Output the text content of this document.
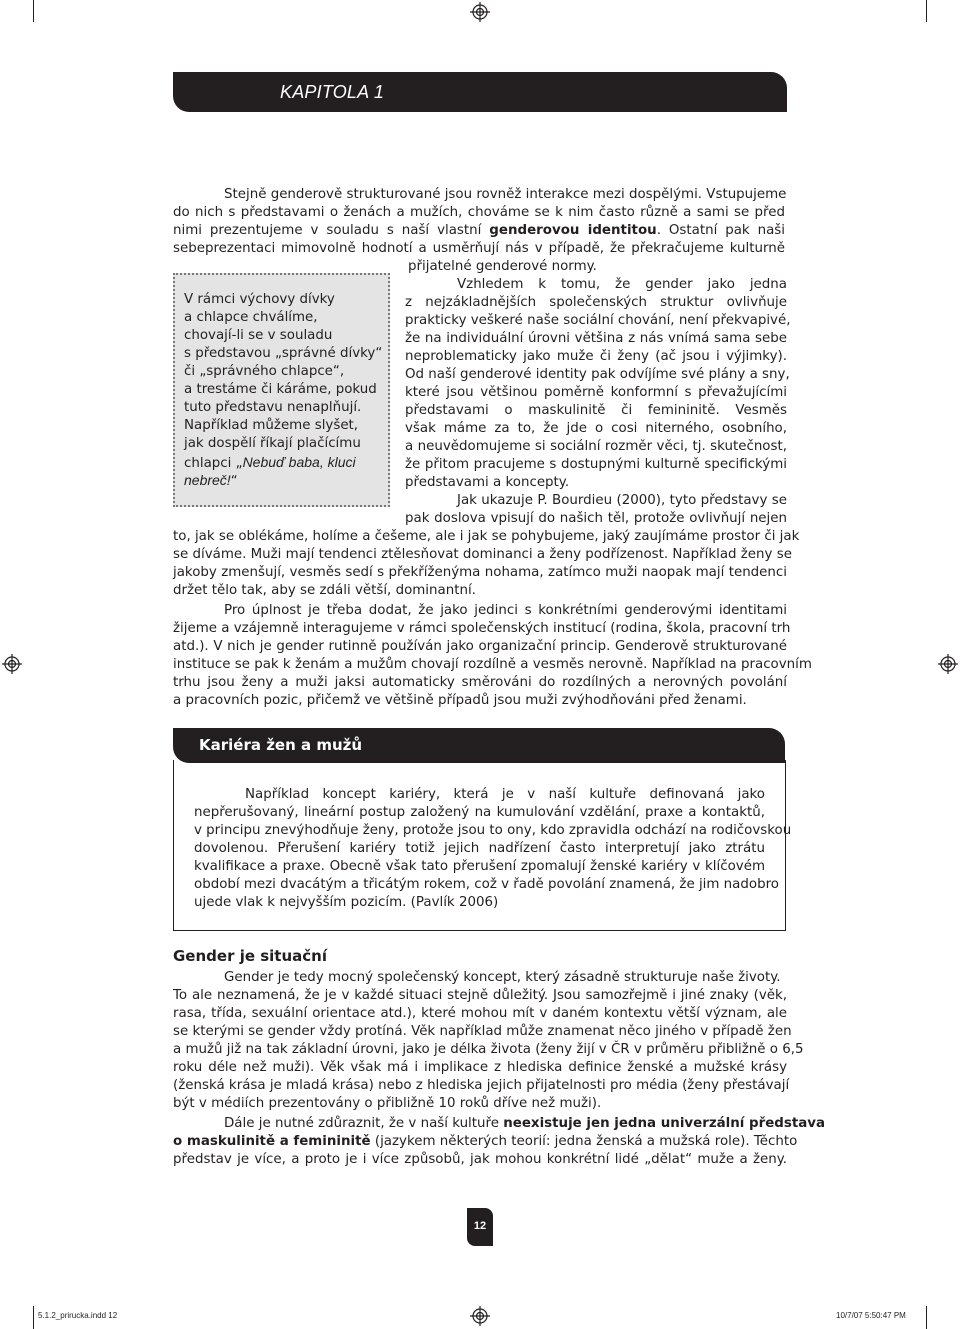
KAPITOLA 1
Stejně genderově strukturované jsou rovněž interakce mezi dospělými. Vstupujeme
do nich s představami o ženách a mužích, chováme se k nim často různě a sami se před
nimi prezentujeme v souladu s naší vlastní genderovou identitou. Ostatní pak naši
sebeprezentaci mimovolně hodnotí a usměrňují nás v případě, že překračujeme kulturně
přijatelné genderové normy.
V rámci výchovy dívky
a chlapce chválíme,
chovají-li se v souladu
s představou „správné dívky“
či „správného chlapce“,
a trestáme či káráme, pokud
tuto představu nenaplňují.
Například můžeme slyšet,
jak dospělí říkají plačícímu
chlapci „Nebuď baba, kluci
nebreč!“
Vzhledem k tomu, že gender jako jedna
z nejzákladnějších společenských struktur ovlivňuje
prakticky veškeré naše sociální chování, není překvapivé,
že na individuální úrovni většina z nás vnímá sama sebe
neproblematicky jako muže či ženy (ač jsou i výjimky).
Od naší genderové identity pak odvíjíme své plány a sny,
které jsou většinou poměrně konformní s převažujícími
představami o maskulinitě či femininitě. Vesměs
však máme za to, že jde o cosi niterného, osobního,
a neuvědomujeme si sociální rozměr věci, tj. skutečnost,
že přitom pracujeme s dostupnými kulturně specifickými
představami a koncepty.
Jak ukazuje P. Bourdieu (2000), tyto představy se
pak doslova vpisují do našich těl, protože ovlivňují nejen
to, jak se oblékáme, holíme a češeme, ale i jak se pohybujeme, jaký zaujímáme prostor či jak
se díváme. Muži mají tendenci ztělesňovat dominanci a ženy podřízenost. Například ženy se
jakoby zmenšují, vesměs sedí s překříženýma nohama, zatímco muži naopak mají tendenci
držet tělo tak, aby se zdáli větší, dominantní.
Pro úplnost je třeba dodat, že jako jedinci s konkrétními genderovými identitami
žijeme a vzájemně interagujeme v rámci společenských institucí (rodina, škola, pracovní trh
atd.). V nich je gender rutinně používán jako organizační princip. Genderově strukturované
instituce se pak k ženám a mužům chovají rozdílně a vesměs nerovně. Například na pracovním
trhu jsou ženy a muži jaksi automaticky směrováni do rozdílných a nerovných povolání
a pracovních pozic, přičemž ve většině případů jsou muži zvýhodňováni před ženami.
Kariéra žen a mužů
Například koncept kariéry, která je v naší kultuře definovaná jako
nepřerušovaný, lineární postup založený na kumulování vzdělání, praxe a kontaktů,
v principu znevýhodňuje ženy, protože jsou to ony, kdo zpravidla odchází na rodičovskou
dovolenou. Přerušení kariéry totiž jejich nadřízení často interpretují jako ztrátu
kvalifikace a praxe. Obecně však tato přerušení zpomalují ženské kariéry v klíčovém
období mezi dvacátým a třicátým rokem, což v řadě povolání znamená, že jim nadobro
ujede vlak k nejvyšším pozicím. (Pavlík 2006)
Gender je situační
Gender je tedy mocný společenský koncept, který zásadně strukturuje naše životy.
To ale neznamená, že je v každé situaci stejně důležitý. Jsou samozřejmě i jiné znaky (věk,
rasa, třída, sexuální orientace atd.), které mohou mít v daném kontextu větší význam, ale
se kterými se gender vždy protíná. Věk například může znamenat něco jiného v případě žen
a mužů již na tak základní úrovni, jako je délka života (ženy žijí v ČR v průměru přibližně o 6,5
roku déle než muži). Věk však má i implikace z hlediska definice ženské a mužské krásy
(ženská krása je mladá krása) nebo z hlediska jejich přijatelnosti pro média (ženy přestávají
být v médiích prezentovány o přibližně 10 roků dříve než muži).
Dále je nutné zdůraznit, že v naší kultuře neexistuje jen jedna univerzální představa
o maskulinitě a femininitě (jazykem některých teorií: jedna ženská a mužská role). Těchto
představ je více, a proto je i více způsobů, jak mohou konkrétní lidé „dělat“ muže a ženy.
12
5.1.2_prirucka.indd 12	10/7/07 5:50:47 PM
